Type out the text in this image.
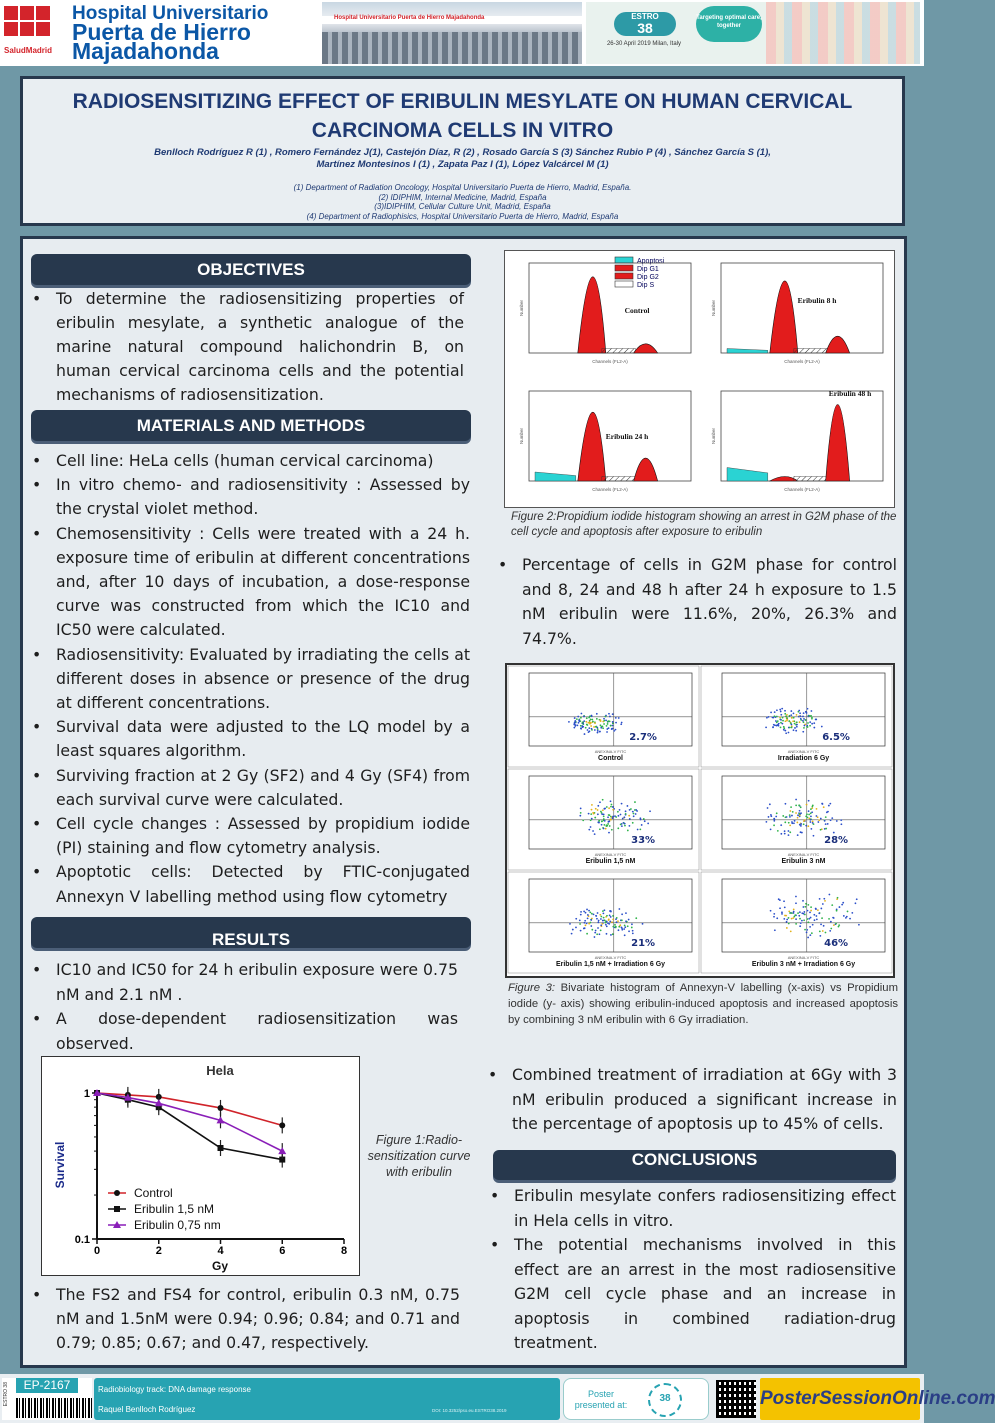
SaludMadrid
Hospital Universitario
Puerta de Hierro
Majadahonda
Hospital Universitario Puerta de Hierro Majadahonda	ESTRO
38
26-30 April 2019 Milan, Italy
Targeting optimal care, together
RADIOSENSITIZING EFFECT OF ERIBULIN MESYLATE ON HUMAN CERVICAL
CARCINOMA CELLS IN VITRO
Benlloch Rodríguez R (1) , Romero Fernández J(1), Castejón Díaz, R (2) , Rosado García S (3) Sánchez Rubio P (4) , Sánchez García S (1),
Martínez Montesinos I (1) , Zapata Paz I (1), López Valcárcel M (1)
(1) Department of Radiation Oncology, Hospital Universitario Puerta de Hierro, Madrid, España.
(2) IDIPHIM, Internal Medicine, Madrid, España
(3)IDIPHIM, Cellular Culture Unit, Madrid, España
(4) Department of Radiophisics, Hospital Universitario Puerta de Hierro, Madrid, España
OBJECTIVES
• To determine the radiosensitizing properties of eribulin mesylate, a synthetic analogue of the marine natural compound halichondrin B, on human cervical carcinoma cells and the potential mechanisms of radiosensitization.
MATERIALS AND METHODS
• Cell line: HeLa cells (human cervical carcinoma)
• In vitro chemo- and radiosensitivity : Assessed by the crystal violet method.
• Chemosensitivity : Cells were treated with a 24 h. exposure time of eribulin at different concentrations and, after 10 days of incubation, a dose-response curve was constructed from which the IC10 and IC50 were calculated.
• Radiosensitivity: Evaluated by irradiating the cells at different doses in absence or presence of the drug at different concentrations.
• Survival data were adjusted to the LQ model by a least squares algorithm.
• Surviving fraction at 2 Gy (SF2) and 4 Gy (SF4) from each survival curve were calculated.
• Cell cycle changes : Assessed by propidium iodide (PI) staining and flow cytometry analysis.
• Apoptotic cells: Detected by FTIC-conjugated Annexyn V labelling method using flow cytometry
RESULTS
• IC10 and IC50 for 24 h eribulin exposure were 0.75 nM and 2.1 nM .
• A dose-dependent radiosensitization was observed.
Hela
Survival
Gy
0	2	4	6	8
0.1
1
Control
Eribulin 1,5 nM
Eribulin 0,75 nm
Figure 1:Radio-sensitization curve with eribulin
• The FS2 and FS4 for control, eribulin 0.3 nM, 0.75 nM and 1.5nM were 0.94; 0.96; 0.84; and 0.71 and 0.79; 0.85; 0.67; and 0.47, respectively.
Apoptosi
Dip G1
Dip G2
Dip S
Control
Channels (FL2-A)
Number	Eribulin 8 h
Channels (FL2-A)
Number
Eribulin 24 h
Channels (FL2-A)
Number
Eribulin 48 h
Channels (FL2-A)
Number
Figure 2:Propidium iodide histogram showing an arrest in G2M phase of the cell cycle and apoptosis after exposure to eribulin
• Percentage of cells in G2M phase for control and 8, 24 and 48 h after 24 h exposure to 1.5 nM eribulin were 11.6%, 20%, 26.3% and 74.7%.
2.7%
ANEXINA-V FITC
Control
6.5%
ANEXINA-V FITC
Irradiation 6 Gy
33%
ANEXINA-V FITC
Eribulin 1,5 nM
28%
ANEXINA-V FITC
Eribulin 3 nM
21%
ANEXINA-V FITC
Eribulin 1,5 nM + Irradiation 6 Gy
46%
ANEXINA-V FITC
Eribulin 3 nM + Irradiation 6 Gy
Figure 3: Bivariate histogram of Annexyn-V labelling (x-axis) vs Propidium iodide (y- axis) showing eribulin-induced apoptosis and increased apoptosis by combining 3 nM eribulin with 6 Gy irradiation.
• Combined treatment of irradiation at 6Gy with 3 nM eribulin produced a significant increase in the percentage of apoptosis up to 45% of cells.
CONCLUSIONS
• Eribulin mesylate confers radiosensitizing effect in Hela cells in vitro.
• The potential mechanisms involved in this effect are an arrest in the most radiosensitive G2M cell cycle phase and an increase in apoptosis in combined radiation-drug treatment.
ESTRO 38	EP-2167	Radiobiology track: DNA damage response
Raquel Benlloch Rodríguez	DOI: 10.3252/pso.eu.ESTRO38.2019
Poster presented at:
38	PosterSessionOnline.com
